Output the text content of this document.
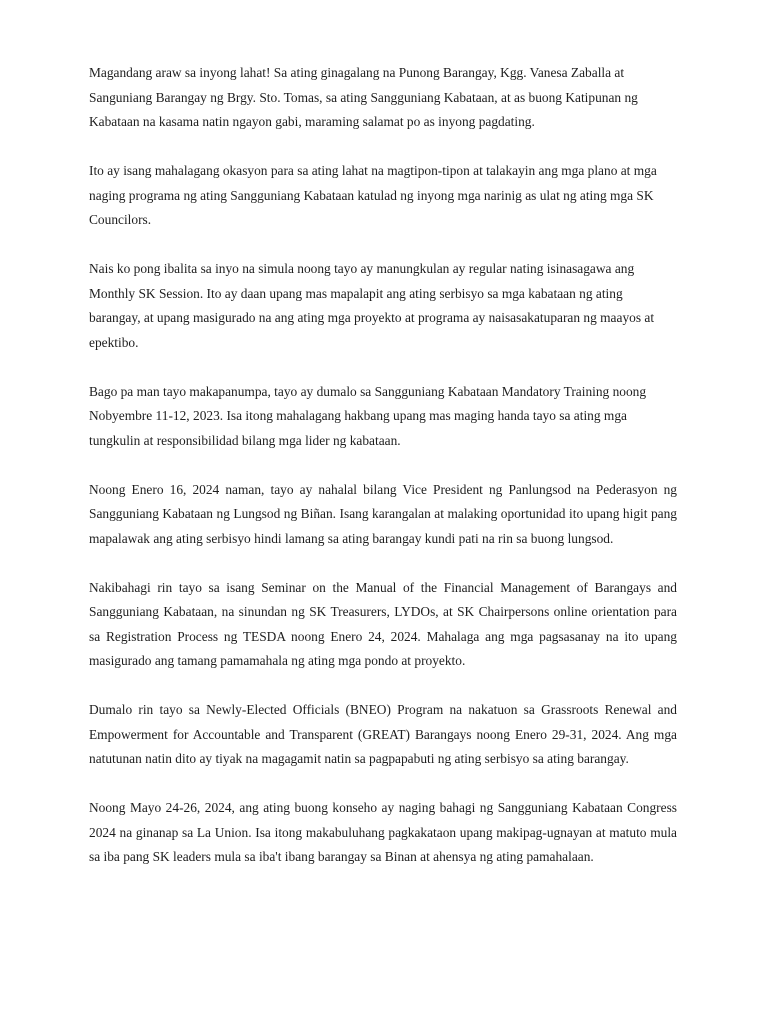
Magandang araw sa inyong lahat! Sa ating ginagalang na Punong Barangay, Kgg. Vanesa Zaballa at Sanguniang Barangay ng Brgy. Sto. Tomas, sa ating Sangguniang Kabataan, at as buong Katipunan ng Kabataan na kasama natin ngayon gabi, maraming salamat po as inyong pagdating.

Ito ay isang mahalagang okasyon para sa ating lahat na magtipon-tipon at talakayin ang mga plano at mga naging programa ng ating Sangguniang Kabataan katulad ng inyong mga narinig as ulat ng ating mga SK Councilors.

Nais ko pong ibalita sa inyo na simula noong tayo ay manungkulan ay regular nating isinasagawa ang Monthly SK Session. Ito ay daan upang mas mapalapit ang ating serbisyo sa mga kabataan ng ating barangay, at upang masigurado na ang ating mga proyekto at programa ay naisasakatuparan ng maayos at epektibo.

Bago pa man tayo makapanumpa, tayo ay dumalo sa Sangguniang Kabataan Mandatory Training noong Nobyembre 11-12, 2023. Isa itong mahalagang hakbang upang mas maging handa tayo sa ating mga tungkulin at responsibilidad bilang mga lider ng kabataan.

Noong Enero 16, 2024 naman, tayo ay nahalal bilang Vice President ng Panlungsod na Pederasyon ng Sangguniang Kabataan ng Lungsod ng Biñan. Isang karangalan at malaking oportunidad ito upang higit pang mapalawak ang ating serbisyo hindi lamang sa ating barangay kundi pati na rin sa buong lungsod.

Nakibahagi rin tayo sa isang Seminar on the Manual of the Financial Management of Barangays and Sangguniang Kabataan, na sinundan ng SK Treasurers, LYDOs, at SK Chairpersons online orientation para sa Registration Process ng TESDA noong Enero 24, 2024. Mahalaga ang mga pagsasanay na ito upang masigurado ang tamang pamamahala ng ating mga pondo at proyekto.

Dumalo rin tayo sa Newly-Elected Officials (BNEO) Program na nakatuon sa Grassroots Renewal and Empowerment for Accountable and Transparent (GREAT) Barangays noong Enero 29-31, 2024. Ang mga natutunan natin dito ay tiyak na magagamit natin sa pagpapabuti ng ating serbisyo sa ating barangay.

Noong Mayo 24-26, 2024, ang ating buong konseho ay naging bahagi ng Sangguniang Kabataan Congress 2024 na ginanap sa La Union. Isa itong makabuluhang pagkakataon upang makipag-ugnayan at matuto mula sa iba pang SK leaders mula sa iba't ibang barangay sa Binan at ahensya ng ating pamahalaan.
